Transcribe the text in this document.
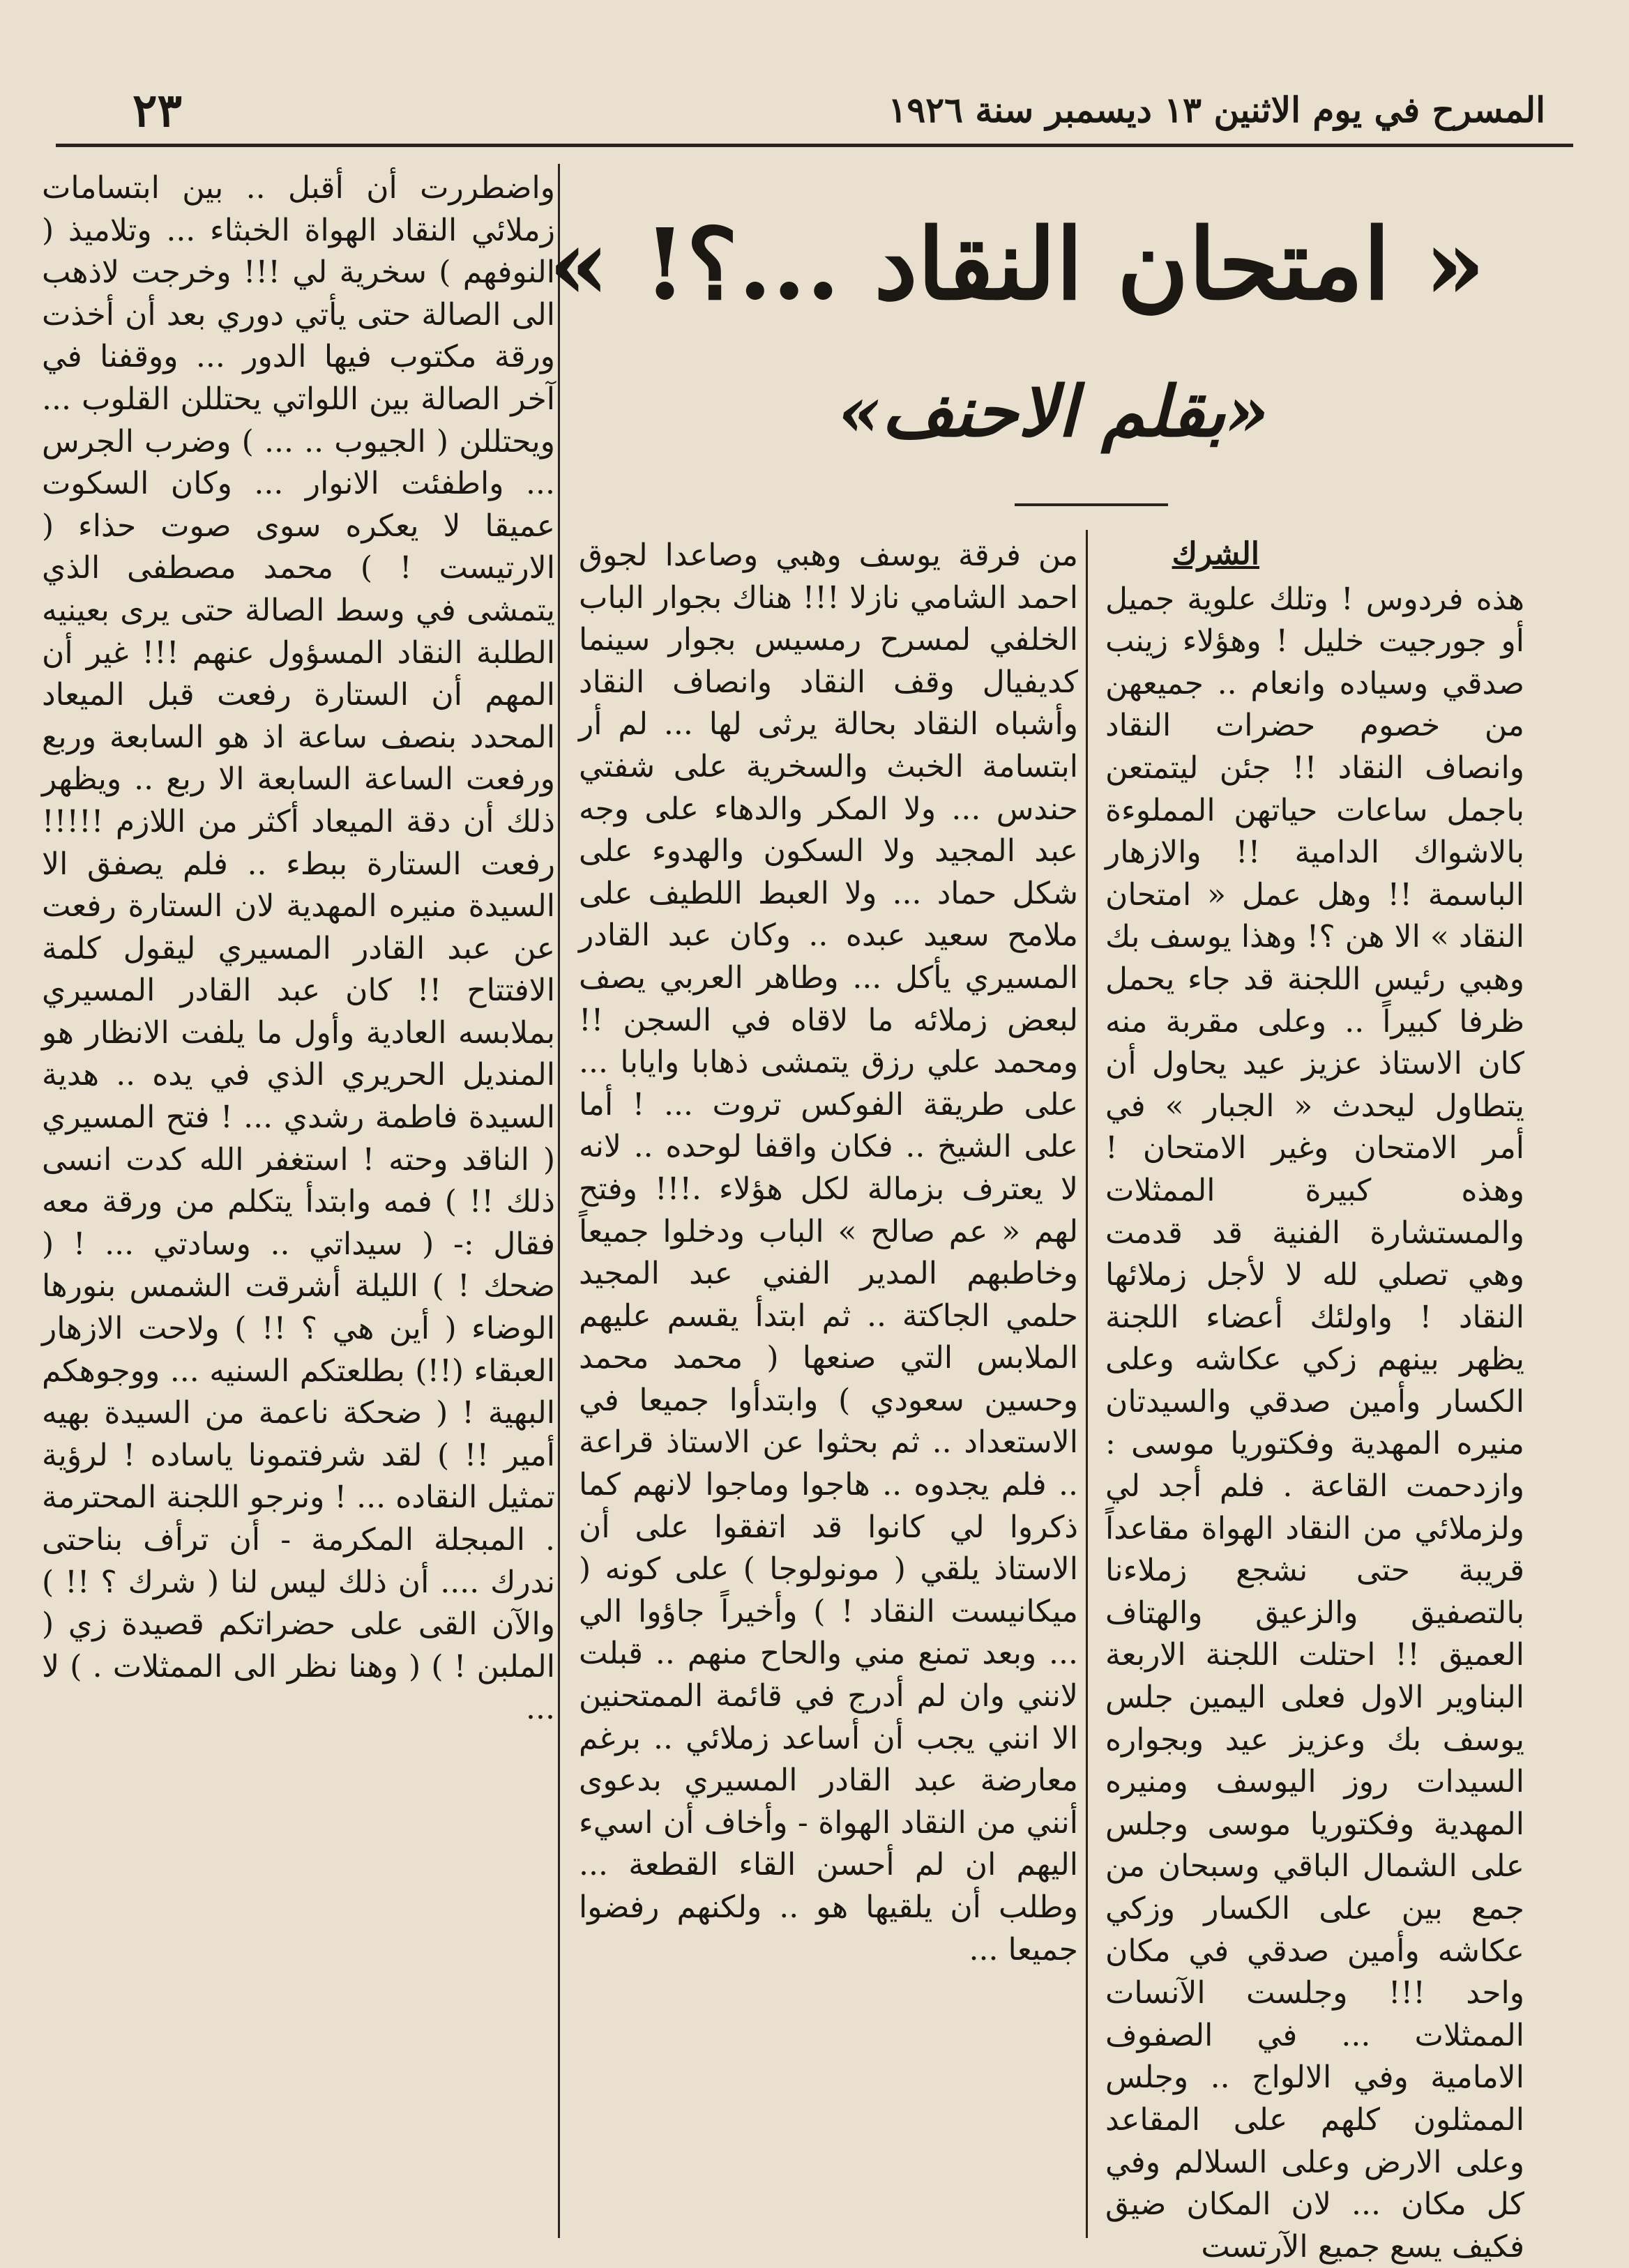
المسرح في يوم الاثنين ١٣ ديسمبر سنة ١٩٢٦
٢٣
« امتحان النقاد ...؟! »
«بقلم الاحنف»
الشرك

هذه فردوس ! وتلك علوية جميل أو جورجيت خليل ! وهؤلاء زينب صدقي وسياده وانعام .. جميعهن من خصوم حضرات النقاد وانصاف النقاد !! جئن ليتمتعن باجمل ساعات حياتهن المملوءة بالاشواك الدامية !! والازهار الباسمة !! وهل عمل « امتحان النقاد » الا هن ؟! وهذا يوسف بك وهبي رئيس اللجنة قد جاء يحمل ظرفا كبيراً .. وعلى مقربة منه كان الاستاذ عزيز عيد يحاول أن يتطاول ليحدث « الجبار » في أمر الامتحان وغير الامتحان ! وهذه كبيرة الممثلات والمستشارة الفنية قد قدمت وهي تصلي لله لا لأجل زملائها النقاد ! واولئك أعضاء اللجنة يظهر بينهم زكي عكاشه وعلى الكسار وأمين صدقي والسيدتان منيره المهدية وفكتوريا موسى : وازدحمت القاعة . فلم أجد لي ولزملائي من النقاد الهواة مقاعداً قريبة حتى نشجع زملاءنا بالتصفيق والزعيق والهتاف العميق !! احتلت اللجنة الاربعة البناوير الاول فعلى اليمين جلس يوسف بك وعزيز عيد وبجواره السيدات روز اليوسف ومنيره المهدية وفكتوريا موسى وجلس على الشمال الباقي وسبحان من جمع بين على الكسار وزكي عكاشه وأمين صدقي في مكان واحد !!! وجلست الآنسات الممثلات ... في الصفوف الامامية وفي الالواج .. وجلس الممثلون كلهم على المقاعد وعلى الارض وعلى السلالم وفي كل مكان ... لان المكان ضيق فكيف يسع جميع الآرتست

من فرقة يوسف وهبي وصاعدا لجوق احمد الشامي نازلا !!! هناك بجوار الباب الخلفي لمسرح رمسيس بجوار سينما كديفيال وقف النقاد وانصاف النقاد وأشباه النقاد بحالة يرثى لها ... لم أر ابتسامة الخبث والسخرية على شفتي حندس ... ولا المكر والدهاء على وجه عبد المجيد ولا السكون والهدوء على شكل حماد ... ولا العبط اللطيف على ملامح سعيد عبده .. وكان عبد القادر المسيري يأكل ... وطاهر العربي يصف لبعض زملائه ما لاقاه في السجن !! ومحمد علي رزق يتمشى ذهابا وايابا ... على طريقة الفوكس تروت ... ! أما على الشيخ .. فكان واقفا لوحده .. لانه لا يعترف بزمالة لكل هؤلاء .!!! وفتح لهم « عم صالح » الباب ودخلوا جميعاً وخاطبهم المدير الفني عبد المجيد حلمي الجاكتة .. ثم ابتدأ يقسم عليهم الملابس التي صنعها ( محمد محمد وحسين سعودي ) وابتدأوا جميعا في الاستعداد .. ثم بحثوا عن الاستاذ قراعة .. فلم يجدوه .. هاجوا وماجوا لانهم كما ذكروا لي كانوا قد اتفقوا على أن الاستاذ يلقي ( مونولوجا ) على كونه ( ميكانيست النقاد ! ) وأخيراً جاؤوا الي ... وبعد تمنع مني والحاح منهم .. قبلت لانني وان لم أدرج في قائمة الممتحنين الا انني يجب أن أساعد زملائي .. برغم معارضة عبد القادر المسيري بدعوى أنني من النقاد الهواة - وأخاف أن اسيء اليهم ان لم أحسن القاء القطعة ... وطلب أن يلقيها هو .. ولكنهم رفضوا جميعا ...

واضطررت أن أقبل .. بين ابتسامات زملائي النقاد الهواة الخبثاء ... وتلاميذ ( النوفهم ) سخرية لي !!! وخرجت لاذهب الى الصالة حتى يأتي دوري بعد أن أخذت ورقة مكتوب فيها الدور ... ووقفنا في آخر الصالة بين اللواتي يحتللن القلوب ... ويحتللن ( الجيوب .. ... ) وضرب الجرس ... واطفئت الانوار ... وكان السكوت عميقا لا يعكره سوى صوت حذاء ( الارتيست ! ) محمد مصطفى الذي يتمشى في وسط الصالة حتى يرى بعينيه الطلبة النقاد المسؤول عنهم !!! غير أن المهم أن الستارة رفعت قبل الميعاد المحدد بنصف ساعة اذ هو السابعة وربع ورفعت الساعة السابعة الا ربع .. ويظهر ذلك أن دقة الميعاد أكثر من اللازم !!!!! رفعت الستارة ببطء .. فلم يصفق الا السيدة منيره المهدية لان الستارة رفعت عن عبد القادر المسيري ليقول كلمة الافتتاح !! كان عبد القادر المسيري بملابسه العادية وأول ما يلفت الانظار هو المنديل الحريري الذي في يده .. هدية السيدة فاطمة رشدي ... ! فتح المسيري ( الناقد وحته ! استغفر الله كدت انسى ذلك !! ) فمه وابتدأ يتكلم من ورقة معه فقال :- ( سيداتي .. وسادتي ... ! ( ضحك ! ) الليلة أشرقت الشمس بنورها الوضاء ( أين هي ؟ !! ) ولاحت الازهار العبقاء (!!) بطلعتكم السنيه ... ووجوهكم البهية ! ( ضحكة ناعمة من السيدة بهيه أمير !! ) لقد شرفتمونا ياساده ! لرؤية تمثيل النقاده ... ! ونرجو اللجنة المحترمة . المبجلة المكرمة - أن ترأف بناحتى ندرك .... أن ذلك ليس لنا ( شرك ؟ !! ) والآن القى على حضراتكم قصيدة زي ( الملبن ! ) ( وهنا نظر الى الممثلات . ) لا ...
